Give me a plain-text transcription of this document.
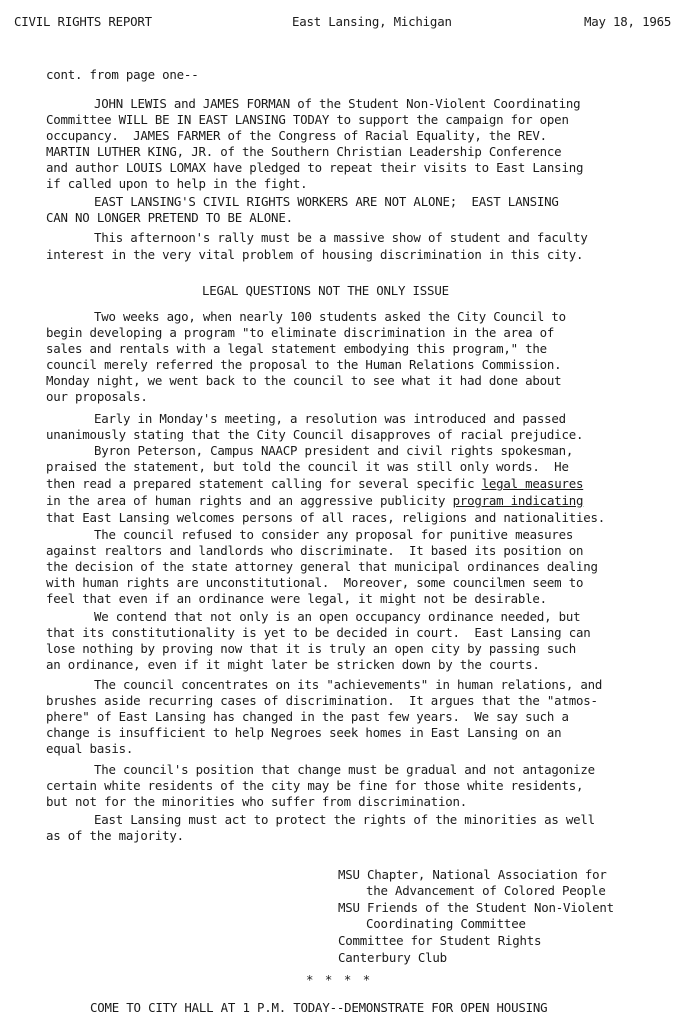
CIVIL RIGHTS REPORT	East Lansing, Michigan	May 18, 1965
cont. from page one--
JOHN LEWIS and JAMES FORMAN of the Student Non-Violent Coordinating
Committee WILL BE IN EAST LANSING TODAY to support the campaign for open
occupancy.  JAMES FARMER of the Congress of Racial Equality, the REV.
MARTIN LUTHER KING, JR. of the Southern Christian Leadership Conference
and author LOUIS LOMAX have pledged to repeat their visits to East Lansing
if called upon to help in the fight.
EAST LANSING'S CIVIL RIGHTS WORKERS ARE NOT ALONE;  EAST LANSING
CAN NO LONGER PRETEND TO BE ALONE.
This afternoon's rally must be a massive show of student and faculty
interest in the very vital problem of housing discrimination in this city.
LEGAL QUESTIONS NOT THE ONLY ISSUE
Two weeks ago, when nearly 100 students asked the City Council to
begin developing a program "to eliminate discrimination in the area of
sales and rentals with a legal statement embodying this program," the
council merely referred the proposal to the Human Relations Commission.
Monday night, we went back to the council to see what it had done about
our proposals.
Early in Monday's meeting, a resolution was introduced and passed
unanimously stating that the City Council disapproves of racial prejudice.
Byron Peterson, Campus NAACP president and civil rights spokesman,
praised the statement, but told the council it was still only words.  He
then read a prepared statement calling for several specific legal measures
in the area of human rights and an aggressive publicity program indicating
that East Lansing welcomes persons of all races, religions and nationalities.
The council refused to consider any proposal for punitive measures
against realtors and landlords who discriminate.  It based its position on
the decision of the state attorney general that municipal ordinances dealing
with human rights are unconstitutional.  Moreover, some councilmen seem to
feel that even if an ordinance were legal, it might not be desirable.
We contend that not only is an open occupancy ordinance needed, but
that its constitutionality is yet to be decided in court.  East Lansing can
lose nothing by proving now that it is truly an open city by passing such
an ordinance, even if it might later be stricken down by the courts.
The council concentrates on its "achievements" in human relations, and
brushes aside recurring cases of discrimination.  It argues that the "atmos-
phere" of East Lansing has changed in the past few years.  We say such a
change is insufficient to help Negroes seek homes in East Lansing on an
equal basis.
The council's position that change must be gradual and not antagonize
certain white residents of the city may be fine for those white residents,
but not for the minorities who suffer from discrimination.
East Lansing must act to protect the rights of the minorities as well
as of the majority.
MSU Chapter, National Association for
the Advancement of Colored People
MSU Friends of the Student Non-Violent
Coordinating Committee
Committee for Student Rights
Canterbury Club
* * * *
COME TO CITY HALL AT 1 P.M. TODAY--DEMONSTRATE FOR OPEN HOUSING
